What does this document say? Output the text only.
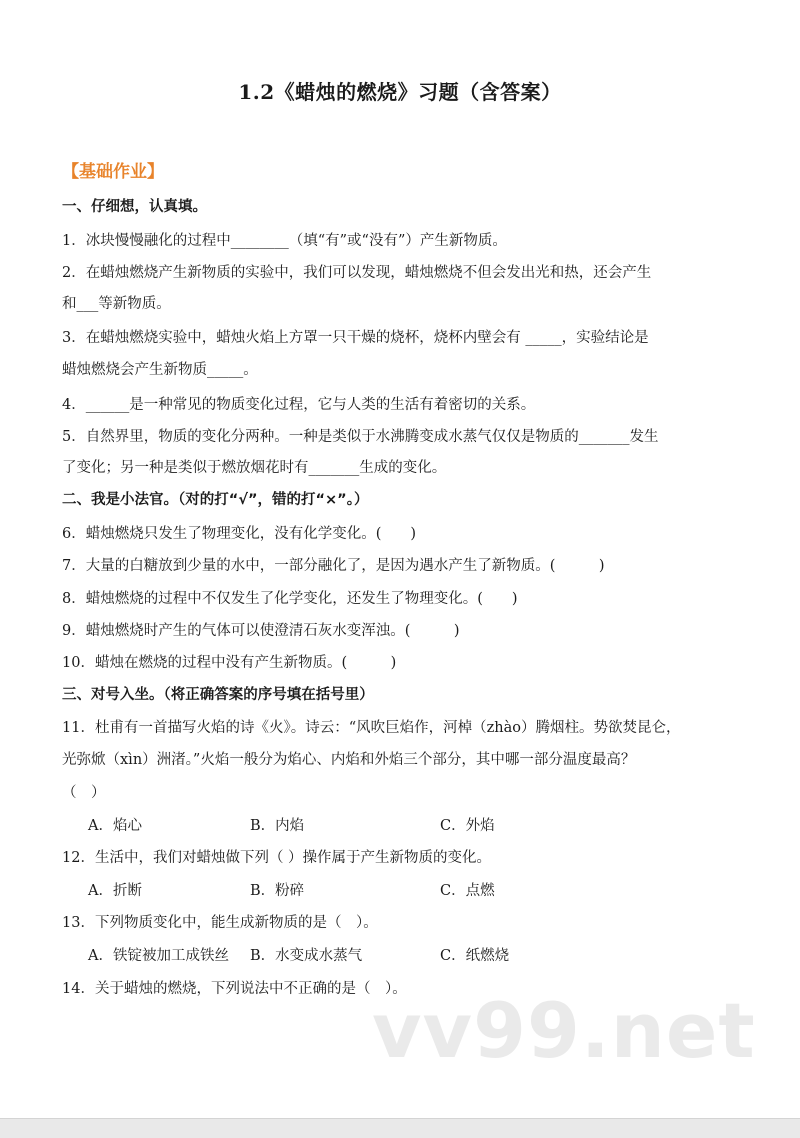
1.2《蜡烛的燃烧》习题（含答案）
【基础作业】
一、仔细想，认真填。
1．冰块慢慢融化的过程中________（填“有”或“没有”）产生新物质。
2．在蜡烛燃烧产生新物质的实验中，我们可以发现，蜡烛燃烧不但会发出光和热，还会产生
和___等新物质。
3．在蜡烛燃烧实验中，蜡烛火焰上方罩一只干燥的烧杯，烧杯内壁会有 _____，实验结论是
蜡烛燃烧会产生新物质_____。
4．______是一种常见的物质变化过程，它与人类的生活有着密切的关系。
5．自然界里，物质的变化分两种。一种是类似于水沸腾变成水蒸气仅仅是物质的_______发生
了变化；另一种是类似于燃放烟花时有_______生成的变化。
二、我是小法官。（对的打“√”，错的打“×”。）
6．蜡烛燃烧只发生了物理变化，没有化学变化。(　　)
7．大量的白糖放到少量的水中，一部分融化了，是因为遇水产生了新物质。(　　　)
8．蜡烛燃烧的过程中不仅发生了化学变化，还发生了物理变化。(　　)
9．蜡烛燃烧时产生的气体可以使澄清石灰水变浑浊。(　　　)
10．蜡烛在燃烧的过程中没有产生新物质。(　　　)
三、对号入坐。（将正确答案的序号填在括号里）
11．杜甫有一首描写火焰的诗《火》。诗云：“风吹巨焰作，河棹（zhào）腾烟柱。势欲焚昆仑，
光弥焮（xìn）洲渚。”火焰一般分为焰心、内焰和外焰三个部分，其中哪一部分温度最高？
（　）
A．焰心	B．内焰	C．外焰
12．生活中，我们对蜡烛做下列（ ）操作属于产生新物质的变化。
A．折断	B．粉碎	C．点燃
13．下列物质变化中，能生成新物质的是（　）。
A．铁锭被加工成铁丝 B．水变成水蒸气	C．纸燃烧
14．关于蜡烛的燃烧，下列说法中不正确的是（　）。
vv99.net
